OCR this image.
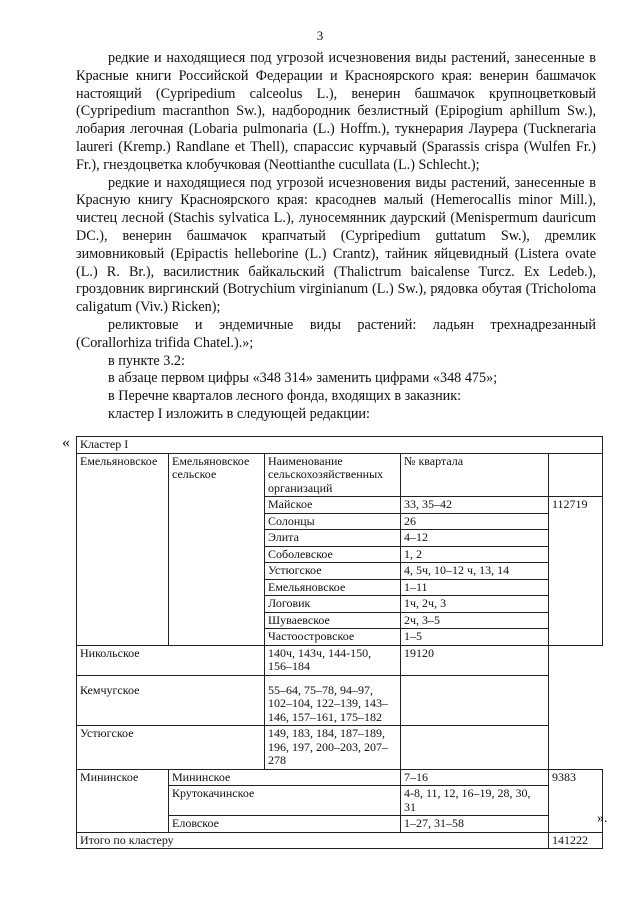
3

редкие и находящиеся под угрозой исчезновения виды растений, занесенные в Красные книги Российской Федерации и Красноярского края: венерин башмачок настоящий (Cypripedium calceolus L.), венерин башмачок крупноцветковый (Cypripedium macranthon Sw.), надбородник безлистный (Epipogium aphillum Sw.), лобария легочная (Lobaria pulmonaria (L.) Hoffm.), тукнерария Лаурера (Tuckneraria laureri (Kremp.) Randlane et Thell), спарассис курчавый (Sparassis crispa (Wulfen Fr.) Fr.), гнездоцветка клобучковая (Neottianthe cucullata (L.) Schlecht.);

редкие и находящиеся под угрозой исчезновения виды растений, занесенные в Красную книгу Красноярского края: красоднев малый (Hemerocallis minor Mill.), чистец лесной (Stachis sylvatica L.), луносемянник даурский (Menispermum dauricum DC.), венерин башмачок крапчатый (Cypripedium guttatum Sw.), дремлик зимовниковый (Epipactis helleborine (L.) Crantz), тайник яйцевидный (Listera ovate (L.) R. Br.), василистник байкальский (Thalictrum baicalense Turcz. Ex Ledeb.), гроздовник виргинский (Botrychium virginianum (L.) Sw.), рядовка обутая (Tricholoma caligatum (Viv.) Ricken);

реликтовые и эндемичные виды растений: ладьян трехнадрезанный (Corallorhiza trifida Chatel.).»;

в пункте 3.2:

в абзаце первом цифры «348 314» заменить цифрами «348 475»;

в Перечне кварталов лесного фонда, входящих в заказник:

кластер I изложить в следующей редакции:

« Кластер I				
Емельяновское	Емельяновское сельское	Наименование сельскохозяйственных организаций	№ квартала	
		Майское	33, 35–42	112719
		Солонцы	26	
		Элита	4–12	
		Соболевское	1, 2	
		Устюгское	4, 5ч, 10–12 ч, 13, 14	
		Емельяновское	1–11	
		Логовик	1ч, 2ч, 3	
		Шуваевское	2ч, 3–5	
		Частоостровское	1–5	
Никольское		140ч, 143ч, 144-150, 156–184	19120	
Кемчугское		55–64, 75–78, 94–97, 102–104, 122–139, 143–146, 157–161, 175–182		
Устюгское		149, 183, 184, 187–189, 196, 197, 200–203, 207–278		
Мининское	Мининское		7–16	9383
	Крутокачинское		4-8, 11, 12, 16–19, 28, 30, 31	
	Еловское		1–27, 31–58	
Итого по кластеру				141222
».
